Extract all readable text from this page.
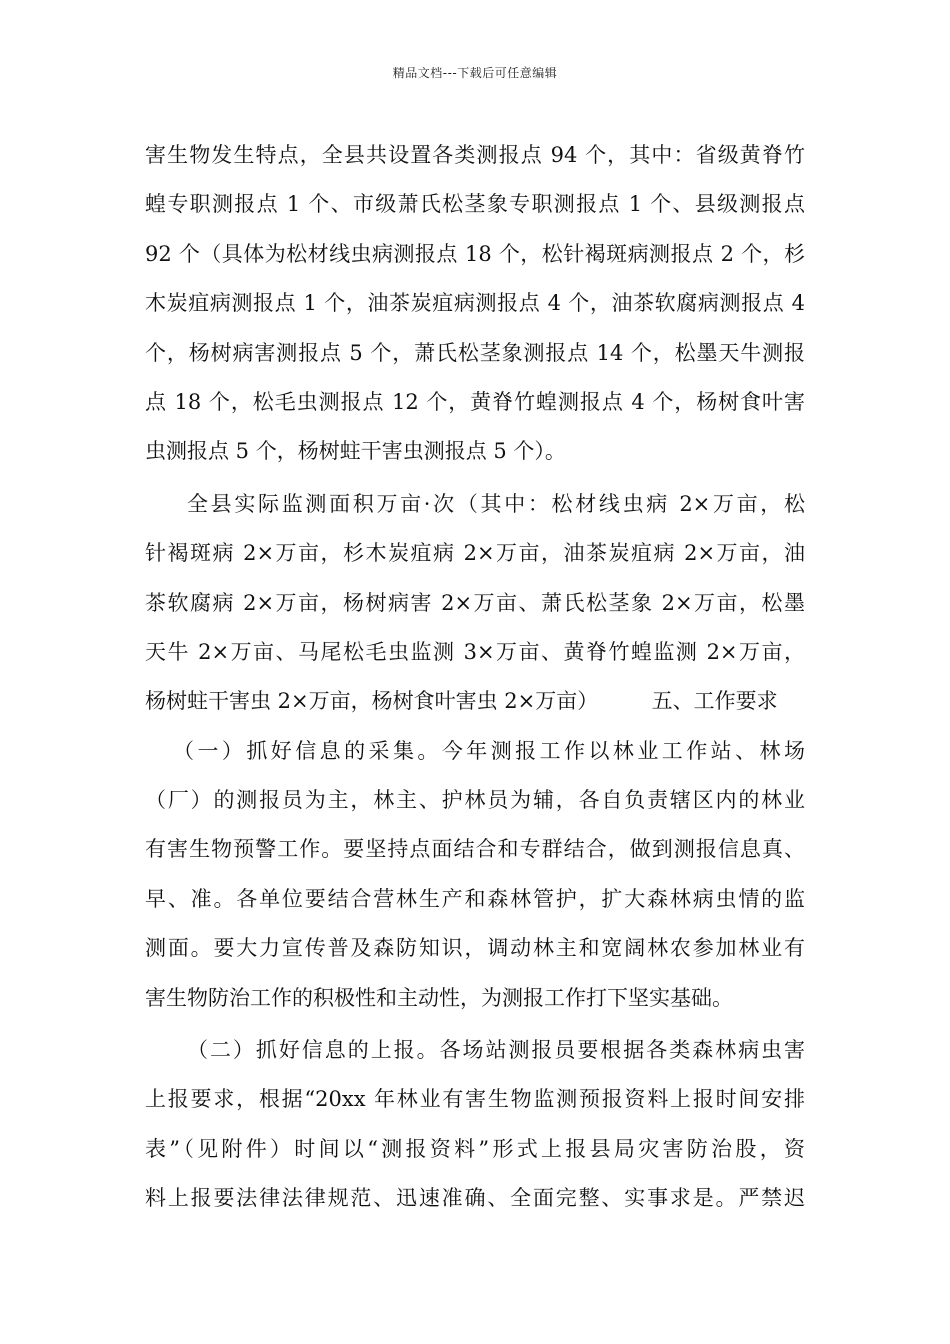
精品文档---下载后可任意编辑
害生物发生特点，全县共设置各类测报点 94 个，其中：省级黄脊竹
蝗专职测报点 1 个、市级萧氏松茎象专职测报点 1 个、县级测报点
92 个（具体为松材线虫病测报点 18 个，松针褐斑病测报点 2 个，杉
木炭疽病测报点 1 个，油茶炭疽病测报点 4 个，油茶软腐病测报点 4
个，杨树病害测报点 5 个，萧氏松茎象测报点 14 个，松墨天牛测报
点 18 个，松毛虫测报点 12 个，黄脊竹蝗测报点 4 个，杨树食叶害
虫测报点 5 个，杨树蛀干害虫测报点 5 个）。
全县实际监测面积万亩·次（其中：松材线虫病 2×万亩，松
针褐斑病 2×万亩，杉木炭疽病 2×万亩，油茶炭疽病 2×万亩，油
茶软腐病 2×万亩，杨树病害 2×万亩、萧氏松茎象 2×万亩，松墨
天牛 2×万亩、马尾松毛虫监测 3×万亩、黄脊竹蝗监测 2×万亩，
杨树蛀干害虫 2×万亩，杨树食叶害虫 2×万亩）        五、工作要求
（一）抓好信息的采集。今年测报工作以林业工作站、林场
（厂）的测报员为主，林主、护林员为辅，各自负责辖区内的林业
有害生物预警工作。要坚持点面结合和专群结合，做到测报信息真、
早、准。各单位要结合营林生产和森林管护，扩大森林病虫情的监
测面。要大力宣传普及森防知识，调动林主和宽阔林农参加林业有
害生物防治工作的积极性和主动性，为测报工作打下坚实基础。
（二）抓好信息的上报。各场站测报员要根据各类森林病虫害
上报要求，根据“20xx 年林业有害生物监测预报资料上报时间安排
表”（见附件）时间以“测报资料”形式上报县局灾害防治股，资
料上报要法律法律规范、迅速准确、全面完整、实事求是。严禁迟
